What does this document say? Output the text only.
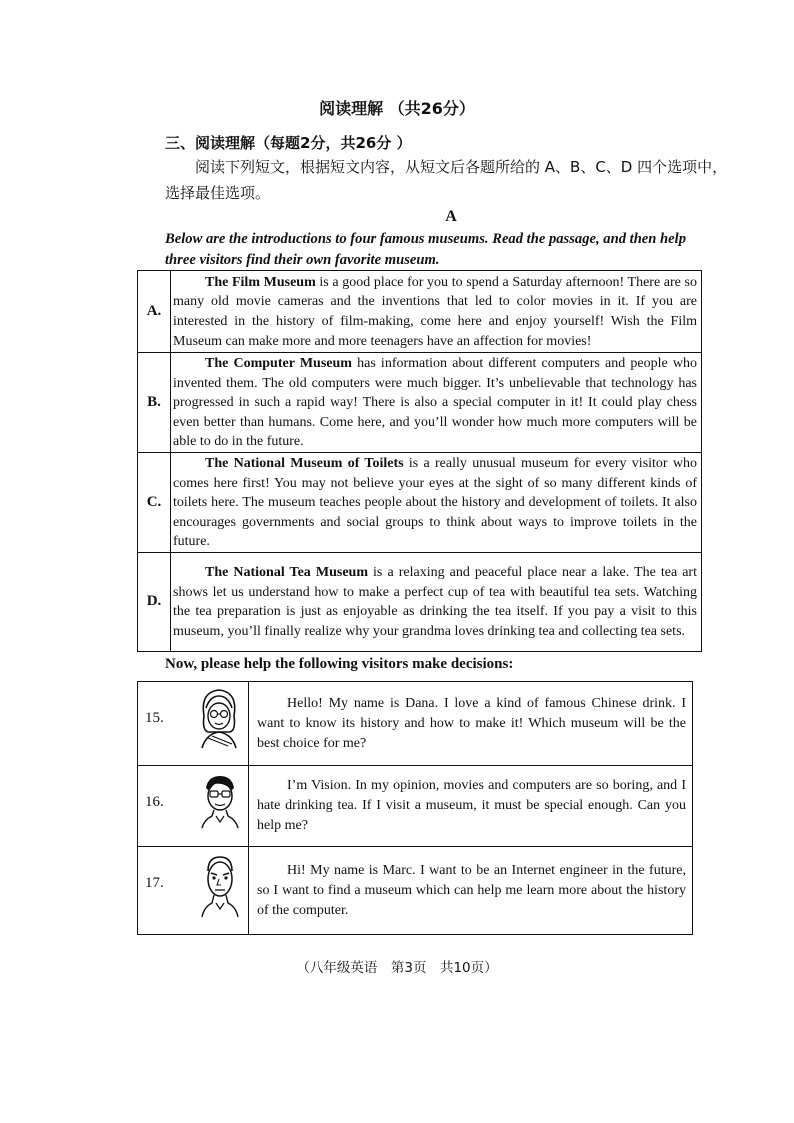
阅读理解 （共26分）
三、阅读理解（每题2分，共26分 ）
阅读下列短文，根据短文内容，从短文后各题所给的 A、B、C、D 四个选项中，
选择最佳选项。
A
Below are the introductions to four famous museums. Read the passage, and then help
three visitors find their own favorite museum.
A.	The Film Museum is a good place for you to spend a Saturday afternoon! There are so many old movie cameras and the inventions that led to color movies in it. If you are interested in the history of film-making, come here and enjoy yourself! Wish the Film Museum can make more and more teenagers have an affection for movies!

B.	The Computer Museum has information about different computers and people who invented them. The old computers were much bigger. It’s unbelievable that technology has progressed in such a rapid way! There is also a special computer in it! It could play chess even better than humans. Come here, and you’ll wonder how much more computers will be able to do in the future.

C.	The National Museum of Toilets is a really unusual museum for every visitor who comes here first! You may not believe your eyes at the sight of so many different kinds of toilets here. The museum teaches people about the history and development of toilets. It also encourages governments and social groups to think about ways to improve toilets in the future.

D.	The National Tea Museum is a relaxing and peaceful place near a lake. The tea art shows let us understand how to make a perfect cup of tea with beautiful tea sets. Watching the tea preparation is just as enjoyable as drinking the tea itself. If you pay a visit to this museum, you’ll finally realize why your grandma loves drinking tea and collecting tea sets.

Now, please help the following visitors make decisions:
15.	Hello! My name is Dana. I love a kind of famous Chinese drink. I want to know its history and how to make it! Which museum will be the best choice for me?

16.	I’m Vision. In my opinion, movies and computers are so boring, and I hate drinking tea. If I visit a museum, it must be special enough. Can you help me?

17.	Hi! My name is Marc. I want to be an Internet engineer in the future, so I want to find a museum which can help me learn more about the history of the computer.

（八年级英语　第3页　共10页）
